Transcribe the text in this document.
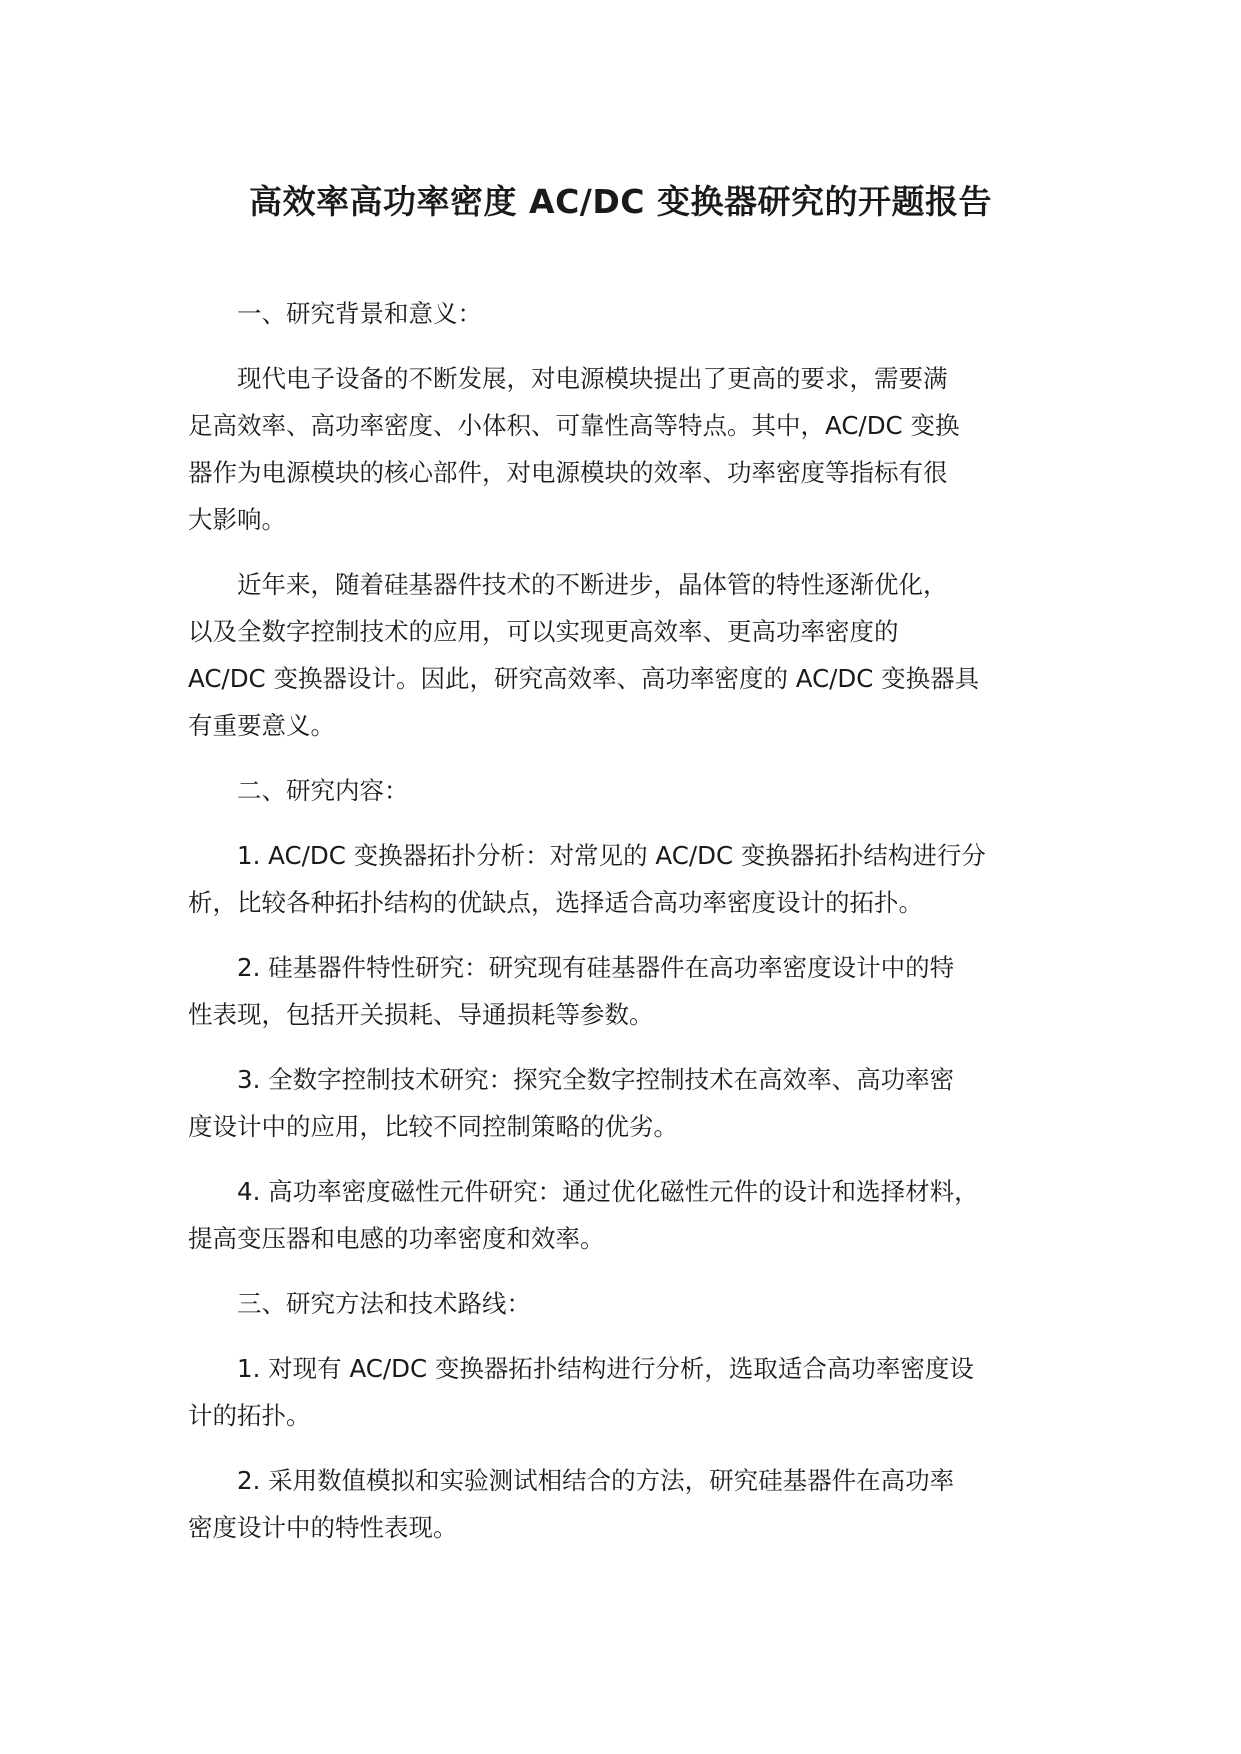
高效率高功率密度 AC/DC 变换器研究的开题报告

一、研究背景和意义：

现代电子设备的不断发展，对电源模块提出了更高的要求，需要满
足高效率、高功率密度、小体积、可靠性高等特点。其中，AC/DC 变换
器作为电源模块的核心部件，对电源模块的效率、功率密度等指标有很
大影响。

近年来，随着硅基器件技术的不断进步，晶体管的特性逐渐优化，
以及全数字控制技术的应用，可以实现更高效率、更高功率密度的
AC/DC 变换器设计。因此，研究高效率、高功率密度的 AC/DC 变换器具
有重要意义。

二、研究内容：

1. AC/DC 变换器拓扑分析：对常见的 AC/DC 变换器拓扑结构进行分
析，比较各种拓扑结构的优缺点，选择适合高功率密度设计的拓扑。

2. 硅基器件特性研究：研究现有硅基器件在高功率密度设计中的特
性表现，包括开关损耗、导通损耗等参数。

3. 全数字控制技术研究：探究全数字控制技术在高效率、高功率密
度设计中的应用，比较不同控制策略的优劣。

4. 高功率密度磁性元件研究：通过优化磁性元件的设计和选择材料，
提高变压器和电感的功率密度和效率。

三、研究方法和技术路线：

1. 对现有 AC/DC 变换器拓扑结构进行分析，选取适合高功率密度设
计的拓扑。

2. 采用数值模拟和实验测试相结合的方法，研究硅基器件在高功率
密度设计中的特性表现。
